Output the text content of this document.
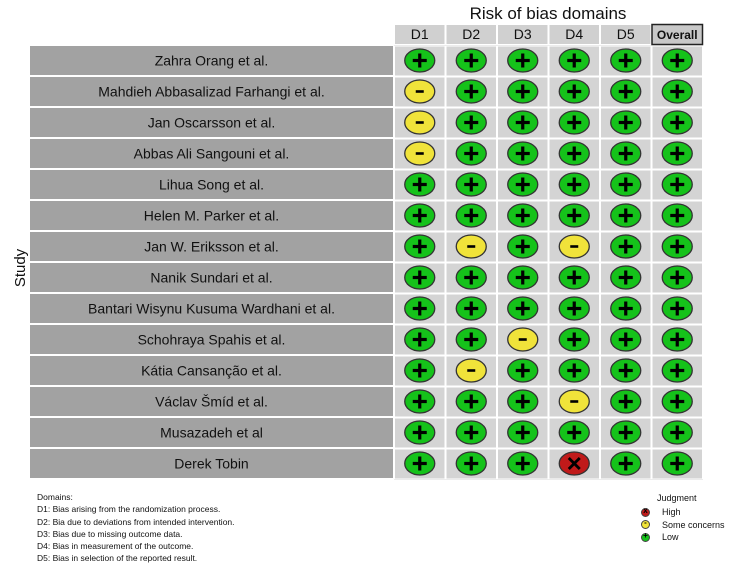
Risk of bias domains
Study
D1 D2 D3 D4 D5 Overall
Zahra Orang et al.
Mahdieh Abbasalizad Farhangi et al.
Jan Oscarsson et al.
Abbas Ali Sangouni et al.
Lihua Song et al.
Helen M. Parker et al.
Jan W. Eriksson et al.
Nanik Sundari et al.
Bantari Wisynu Kusuma Wardhani et al.
Schohraya Spahis et al.
Kátia Cansanção et al.
Václav Šmíd et al.
Musazadeh et al
Derek Tobin
Domains:
D1: Bias arising from the randomization process.
D2: Bia due to deviations from intended intervention.
D3: Bias due to missing outcome data.
D4: Bias in measurement of the outcome.
D5: Bias in selection of the reported result.
Judgment
x High
- Some concerns
+ Low
